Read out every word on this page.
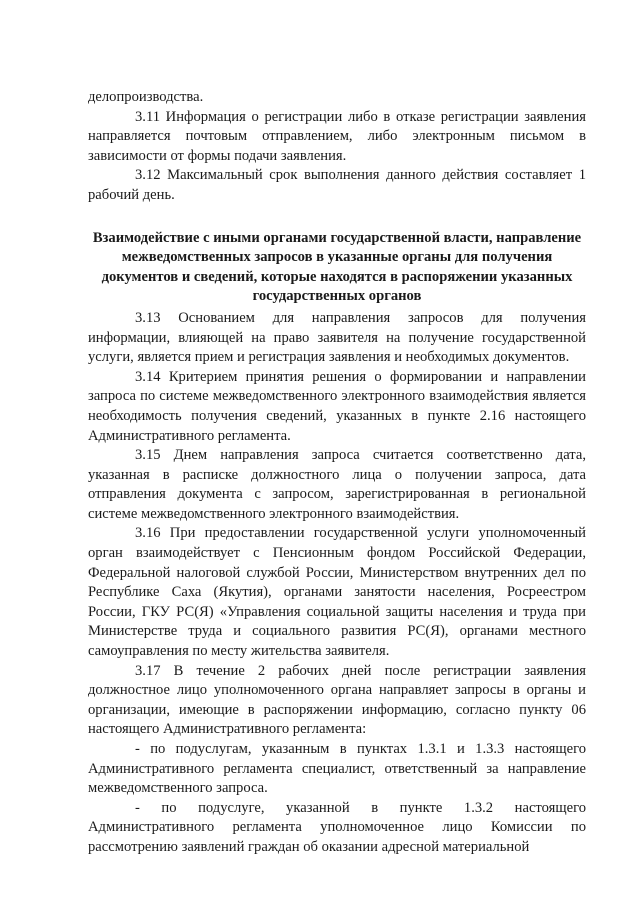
делопроизводства.

3.11 Информация о регистрации либо в отказе регистрации заявления направляется почтовым отправлением, либо электронным письмом в зависимости от формы подачи заявления.

3.12 Максимальный срок выполнения данного действия составляет 1 рабочий день.

Взаимодействие с иными органами государственной власти, направление межведомственных запросов в указанные органы для получения документов и сведений, которые находятся в распоряжении указанных государственных органов

3.13 Основанием для направления запросов для получения информации, влияющей на право заявителя на получение государственной услуги, является прием и регистрация заявления и необходимых документов.

3.14 Критерием принятия решения о формировании и направлении запроса по системе межведомственного электронного взаимодействия является необходимость получения сведений, указанных в пункте 2.16 настоящего Административного регламента.

3.15 Днем направления запроса считается соответственно дата, указанная в расписке должностного лица о получении запроса, дата отправления документа с запросом, зарегистрированная в региональной системе межведомственного электронного взаимодействия.

3.16 При предоставлении государственной услуги уполномоченный орган взаимодействует с Пенсионным фондом Российской Федерации, Федеральной налоговой службой России, Министерством внутренних дел по Республике Саха (Якутия), органами занятости населения, Росреестром России, ГКУ РС(Я) «Управления социальной защиты населения и труда при Министерстве труда и социального развития РС(Я), органами местного самоуправления по месту жительства заявителя.

3.17 В течение 2 рабочих дней после регистрации заявления должностное лицо уполномоченного органа направляет запросы в органы и организации, имеющие в распоряжении информацию, согласно пункту 06 настоящего Административного регламента:

- по подуслугам, указанным в пунктах 1.3.1 и 1.3.3 настоящего Административного регламента специалист, ответственный за направление межведомственного запроса.

- по подуслуге, указанной в пункте 1.3.2 настоящего Административного регламента уполномоченное лицо Комиссии по рассмотрению заявлений граждан об оказании адресной материальной
